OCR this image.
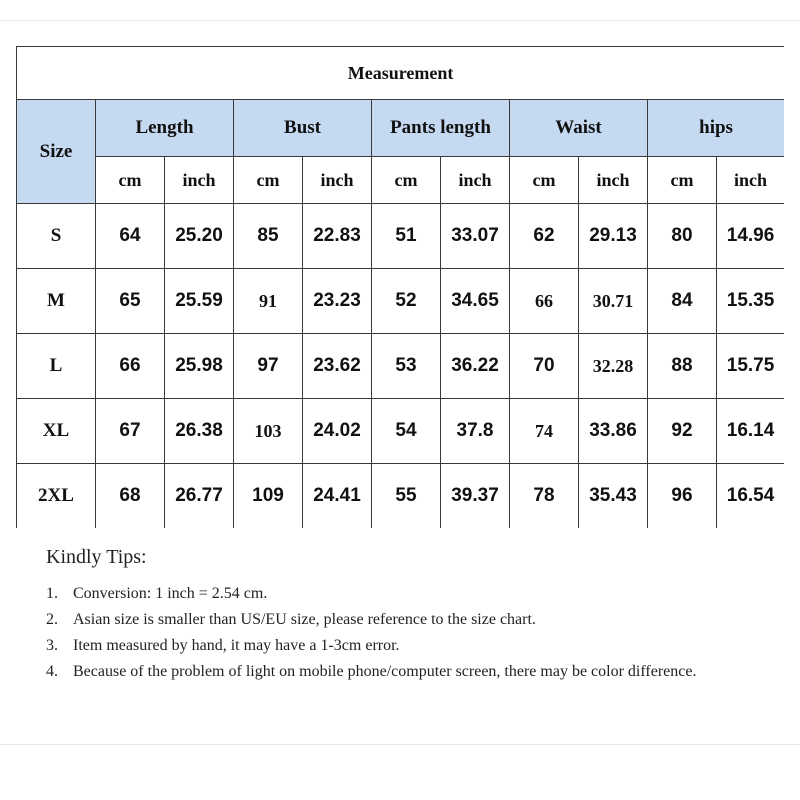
Measurement										
Size	Length		Bust		Pants length		Waist		hips	
	cm	inch	cm	inch	cm	inch	cm	inch	cm	inch
S	64	25.20	85	22.83	51	33.07	62	29.13	80	14.96
M	65	25.59	91	23.23	52	34.65	66	30.71	84	15.35
L	66	25.98	97	23.62	53	36.22	70	32.28	88	15.75
XL	67	26.38	103	24.02	54	37.8	74	33.86	92	16.14
2XL	68	26.77	109	24.41	55	39.37	78	35.43	96	16.54
Kindly Tips:
1. Conversion: 1 inch = 2.54 cm.
2. Asian size is smaller than US/EU size, please reference to the size chart.
3. Item measured by hand, it may have a 1-3cm error.
4. Because of the problem of light on mobile phone/computer screen, there may be color difference.
